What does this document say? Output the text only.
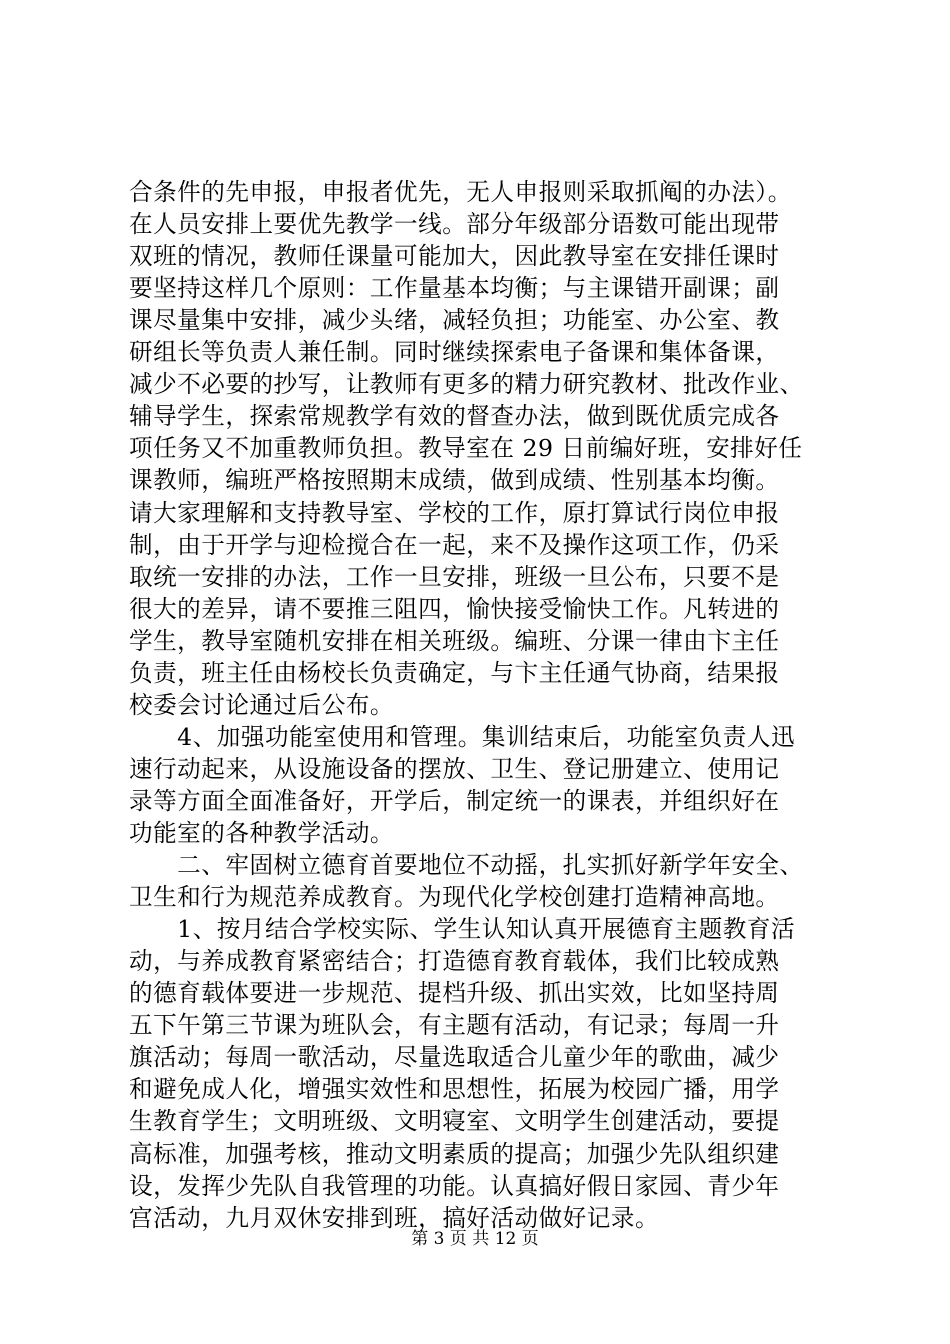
合条件的先申报，申报者优先，无人申报则采取抓阄的办法）。
在人员安排上要优先教学一线。部分年级部分语数可能出现带
双班的情况，教师任课量可能加大，因此教导室在安排任课时
要坚持这样几个原则：工作量基本均衡；与主课错开副课；副
课尽量集中安排，减少头绪，减轻负担；功能室、办公室、教
研组长等负责人兼任制。同时继续探索电子备课和集体备课，
减少不必要的抄写，让教师有更多的精力研究教材、批改作业、
辅导学生，探索常规教学有效的督查办法，做到既优质完成各
项任务又不加重教师负担。教导室在 29 日前编好班，安排好任
课教师，编班严格按照期末成绩，做到成绩、性别基本均衡。
请大家理解和支持教导室、学校的工作，原打算试行岗位申报
制，由于开学与迎检搅合在一起，来不及操作这项工作，仍采
取统一安排的办法，工作一旦安排，班级一旦公布，只要不是
很大的差异，请不要推三阻四，愉快接受愉快工作。凡转进的
学生，教导室随机安排在相关班级。编班、分课一律由卞主任
负责，班主任由杨校长负责确定，与卞主任通气协商，结果报
校委会讨论通过后公布。
　　4、加强功能室使用和管理。集训结束后，功能室负责人迅
速行动起来，从设施设备的摆放、卫生、登记册建立、使用记
录等方面全面准备好，开学后，制定统一的课表，并组织好在
功能室的各种教学活动。
　　二、牢固树立德育首要地位不动摇，扎实抓好新学年安全、
卫生和行为规范养成教育。为现代化学校创建打造精神高地。
　　1、按月结合学校实际、学生认知认真开展德育主题教育活
动，与养成教育紧密结合；打造德育教育载体，我们比较成熟
的德育载体要进一步规范、提档升级、抓出实效，比如坚持周
五下午第三节课为班队会，有主题有活动，有记录；每周一升
旗活动；每周一歌活动，尽量选取适合儿童少年的歌曲，减少
和避免成人化，增强实效性和思想性，拓展为校园广播，用学
生教育学生；文明班级、文明寝室、文明学生创建活动，要提
高标准，加强考核，推动文明素质的提高；加强少先队组织建
设，发挥少先队自我管理的功能。认真搞好假日家园、青少年
宫活动，九月双休安排到班，搞好活动做好记录。
第 3 页 共 12 页
